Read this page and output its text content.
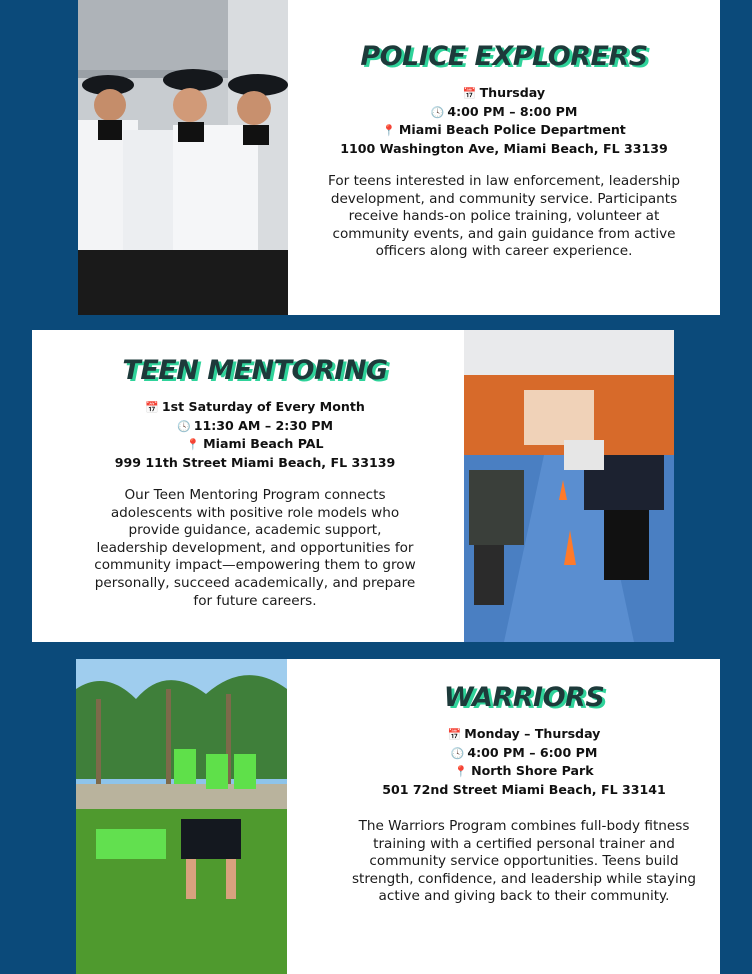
POLICE EXPLORERS
📅 Thursday
🕓 4:00 PM – 8:00 PM
📍 Miami Beach Police Department
1100 Washington Ave, Miami Beach, FL 33139
For teens interested in law enforcement, leadership development, and community service. Participants receive hands-on police training, volunteer at community events, and gain guidance from active officers along with career experience.
TEEN MENTORING
📅 1st Saturday of Every Month
🕓 11:30 AM – 2:30 PM
📍 Miami Beach PAL
999 11th Street Miami Beach, FL 33139
Our Teen Mentoring Program connects adolescents with positive role models who provide guidance, academic support, leadership development, and opportunities for community impact—empowering them to grow personally, succeed academically, and prepare for future careers.
WARRIORS
📅 Monday – Thursday
🕓 4:00 PM – 6:00 PM
📍 North Shore Park
501 72nd Street Miami Beach, FL 33141
The Warriors Program combines full-body fitness training with a certified personal trainer and community service opportunities. Teens build strength, confidence, and leadership while staying active and giving back to their community.
